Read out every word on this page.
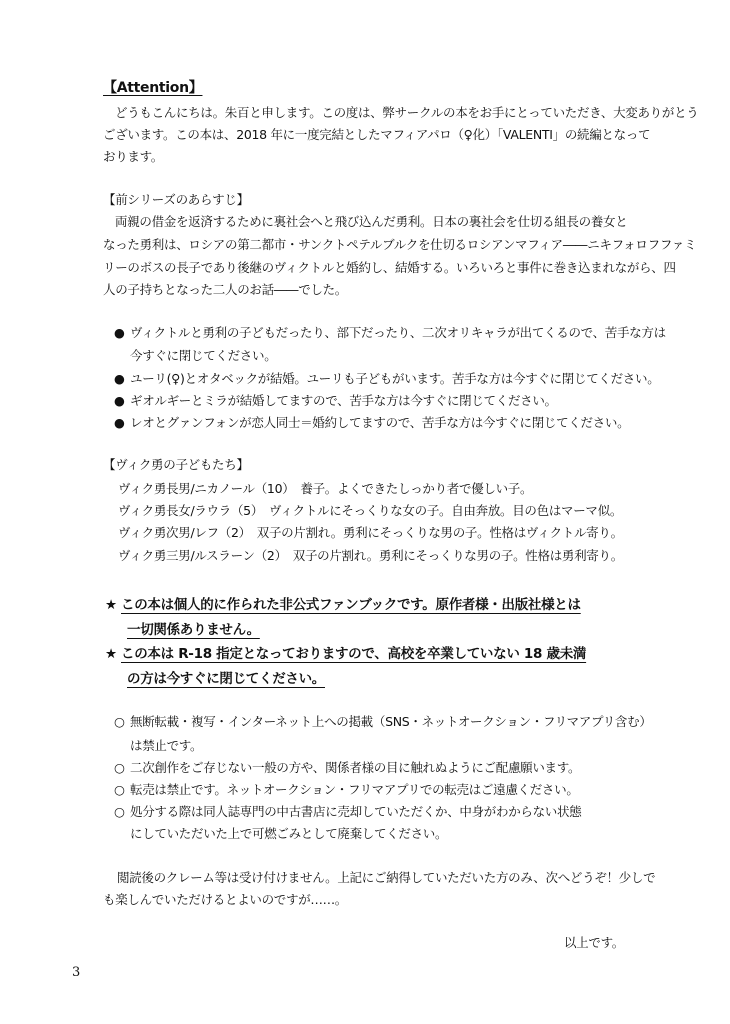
【Attention】
どうもこんにちは。朱百と申します。この度は、弊サークルの本をお手にとっていただき、大変ありがとう
ございます。この本は、2018 年に一度完結としたマフィアパロ（♀化）「VALENTI」の続編となって
おります。
【前シリーズのあらすじ】
両親の借金を返済するために裏社会へと飛び込んだ勇利。日本の裏社会を仕切る組長の養女と
なった勇利は、ロシアの第二都市・サンクトペテルブルクを仕切るロシアンマフィア――ニキフォロフファミ
リーのボスの長子であり後継のヴィクトルと婚約し、結婚する。いろいろと事件に巻き込まれながら、四
人の子持ちとなった二人のお話――でした。
● ヴィクトルと勇利の子どもだったり、部下だったり、二次オリキャラが出てくるので、苦手な方は
今すぐに閉じてください。
● ユーリ(♀)とオタベックが結婚。ユーリも子どもがいます。苦手な方は今すぐに閉じてください。
● ギオルギーとミラが結婚してますので、苦手な方は今すぐに閉じてください。
● レオとグァンフォンが恋人同士＝婚約してますので、苦手な方は今すぐに閉じてください。
【ヴィク勇の子どもたち】
ヴィク勇長男/ニカノール（10）　養子。よくできたしっかり者で優しい子。
ヴィク勇長女/ラウラ（5）　ヴィクトルにそっくりな女の子。自由奔放。目の色はマーマ似。
ヴィク勇次男/レフ（2）　双子の片割れ。勇利にそっくりな男の子。性格はヴィクトル寄り。
ヴィク勇三男/ルスラーン（2）　双子の片割れ。勇利にそっくりな男の子。性格は勇利寄り。
★ この本は個人的に作られた非公式ファンブックです。原作者様・出版社様とは
一切関係ありません。
★ この本は R-18 指定となっておりますので、高校を卒業していない 18 歳未満
の方は今すぐに閉じてください。
○ 無断転載・複写・インターネット上への掲載（SNS・ネットオークション・フリマアプリ含む）
は禁止です。
○ 二次創作をご存じない一般の方や、関係者様の目に触れぬようにご配慮願います。
○ 転売は禁止です。ネットオークション・フリマアプリでの転売はご遠慮ください。
○ 処分する際は同人誌専門の中古書店に売却していただくか、中身がわからない状態
にしていただいた上で可燃ごみとして廃棄してください。
閲読後のクレーム等は受け付けません。上記にご納得していただいた方のみ、次へどうぞ！少しで
も楽しんでいただけるとよいのですが……。
以上です。
3
